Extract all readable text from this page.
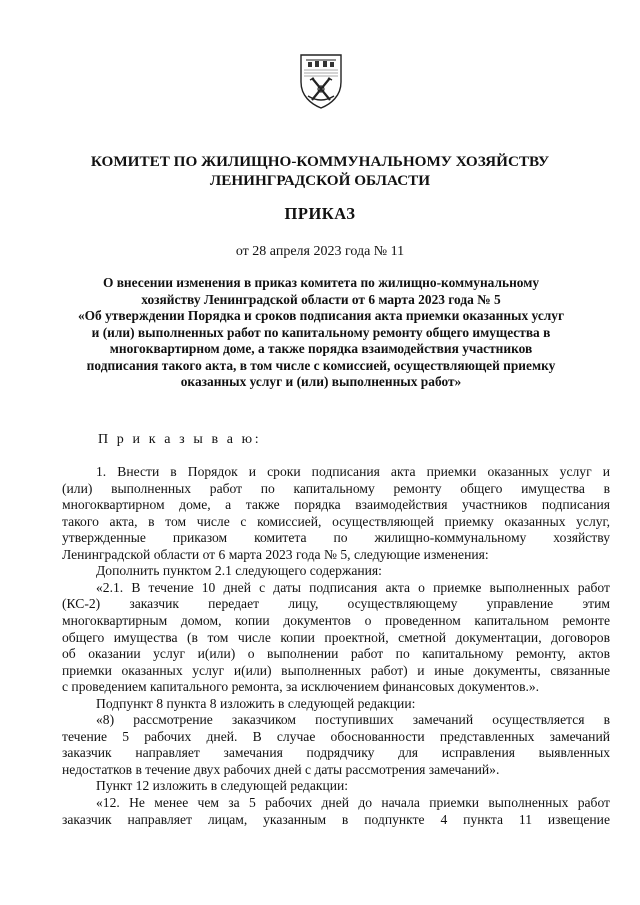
КОМИТЕТ ПО ЖИЛИЩНО-КОММУНАЛЬНОМУ ХОЗЯЙСТВУ
ЛЕНИНГРАДСКОЙ ОБЛАСТИ
ПРИКАЗ
от 28 апреля 2023 года № 11
О внесении изменения в приказ комитета по жилищно-коммунальному
хозяйству Ленинградской области от 6 марта 2023 года № 5
«Об утверждении Порядка и сроков подписания акта приемки оказанных услуг
и (или) выполненных работ по капитальному ремонту общего имущества в
многоквартирном доме, а также порядка взаимодействия участников
подписания такого акта, в том числе с комиссией, осуществляющей приемку
оказанных услуг и (или) выполненных работ»
П р и к а з ы в а ю:
1. Внести в Порядок и сроки подписания акта приемки оказанных услуг и
(или) выполненных работ по капитальному ремонту общего имущества в
многоквартирном доме, а также порядка взаимодействия участников подписания
такого акта, в том числе с комиссией, осуществляющей приемку оказанных услуг,
утвержденные приказом комитета по жилищно-коммунальному хозяйству
Ленинградской области от 6 марта 2023 года № 5, следующие изменения:
Дополнить пунктом 2.1 следующего содержания:
«2.1. В течение 10 дней с даты подписания акта о приемке выполненных работ
(КС-2) заказчик передает лицу, осуществляющему управление этим
многоквартирным домом, копии документов о проведенном капитальном ремонте
общего имущества (в том числе копии проектной, сметной документации, договоров
об оказании услуг и(или) о выполнении работ по капитальному ремонту, актов
приемки оказанных услуг и(или) выполненных работ) и иные документы, связанные
с проведением капитального ремонта, за исключением финансовых документов.».
Подпункт 8 пункта 8 изложить в следующей редакции:
«8) рассмотрение заказчиком поступивших замечаний осуществляется в
течение 5 рабочих дней. В случае обоснованности представленных замечаний
заказчик направляет замечания подрядчику для исправления выявленных
недостатков в течение двух рабочих дней с даты рассмотрения замечаний».
Пункт 12 изложить в следующей редакции:
«12. Не менее чем за 5 рабочих дней до начала приемки выполненных работ
заказчик направляет лицам, указанным в подпункте 4 пункта 11 извещение
